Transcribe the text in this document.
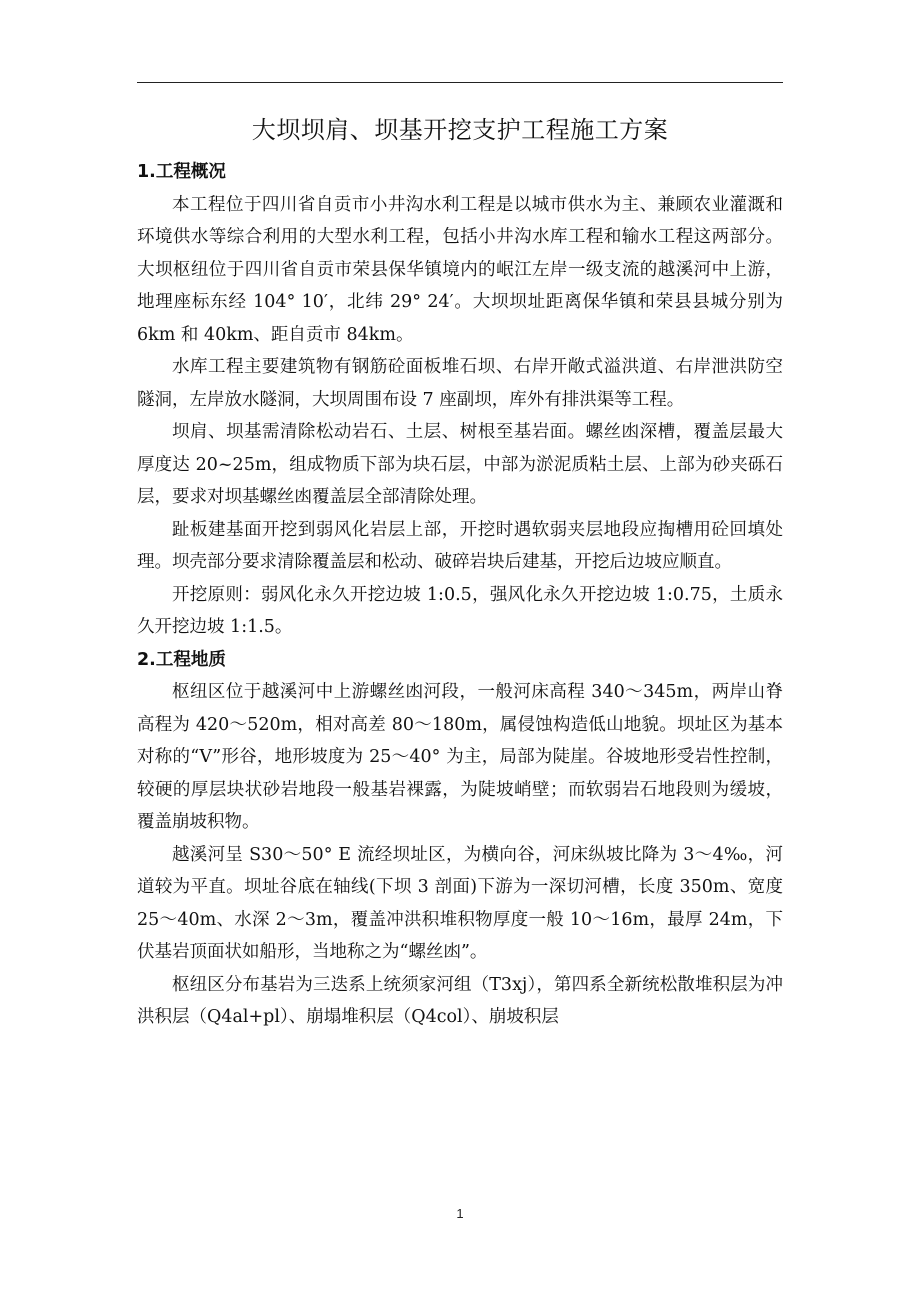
大坝坝肩、坝基开挖支护工程施工方案
1.工程概况

本工程位于四川省自贡市小井沟水利工程是以城市供水为主、兼顾农业灌溉和环境供水等综合利用的大型水利工程，包括小井沟水库工程和输水工程这两部分。大坝枢纽位于四川省自贡市荣县保华镇境内的岷江左岸一级支流的越溪河中上游，地理座标东经 104° 10′，北纬 29° 24′。大坝坝址距离保华镇和荣县县城分别为 6km 和 40km、距自贡市 84km。

水库工程主要建筑物有钢筋砼面板堆石坝、右岸开敞式溢洪道、右岸泄洪防空隧洞，左岸放水隧洞，大坝周围布设 7 座副坝，库外有排洪渠等工程。

坝肩、坝基需清除松动岩石、土层、树根至基岩面。螺丝凼深槽，覆盖层最大厚度达 20~25m，组成物质下部为块石层，中部为淤泥质粘土层、上部为砂夹砾石层，要求对坝基螺丝凼覆盖层全部清除处理。

趾板建基面开挖到弱风化岩层上部，开挖时遇软弱夹层地段应掏槽用砼回填处理。坝壳部分要求清除覆盖层和松动、破碎岩块后建基，开挖后边坡应顺直。

开挖原则：弱风化永久开挖边坡 1:0.5，强风化永久开挖边坡 1:0.75，土质永久开挖边坡 1:1.5。

2.工程地质

枢纽区位于越溪河中上游螺丝凼河段，一般河床高程 340～345m，两岸山脊高程为 420～520m，相对高差 80～180m，属侵蚀构造低山地貌。坝址区为基本对称的“Ⅴ”形谷，地形坡度为 25～40° 为主，局部为陡崖。谷坡地形受岩性控制，较硬的厚层块状砂岩地段一般基岩裸露，为陡坡峭壁；而软弱岩石地段则为缓坡，覆盖崩坡积物。

越溪河呈 S30～50° E 流经坝址区，为横向谷，河床纵坡比降为 3～4‰，河道较为平直。坝址谷底在轴线(下坝 3 剖面)下游为一深切河槽，长度 350m、宽度 25～40m、水深 2～3m，覆盖冲洪积堆积物厚度一般 10～16m，最厚 24m，下伏基岩顶面状如船形，当地称之为“螺丝凼”。

枢纽区分布基岩为三迭系上统须家河组（T3xj），第四系全新统松散堆积层为冲洪积层（Q4al+pl）、崩塌堆积层（Q4col）、崩坡积层

1
